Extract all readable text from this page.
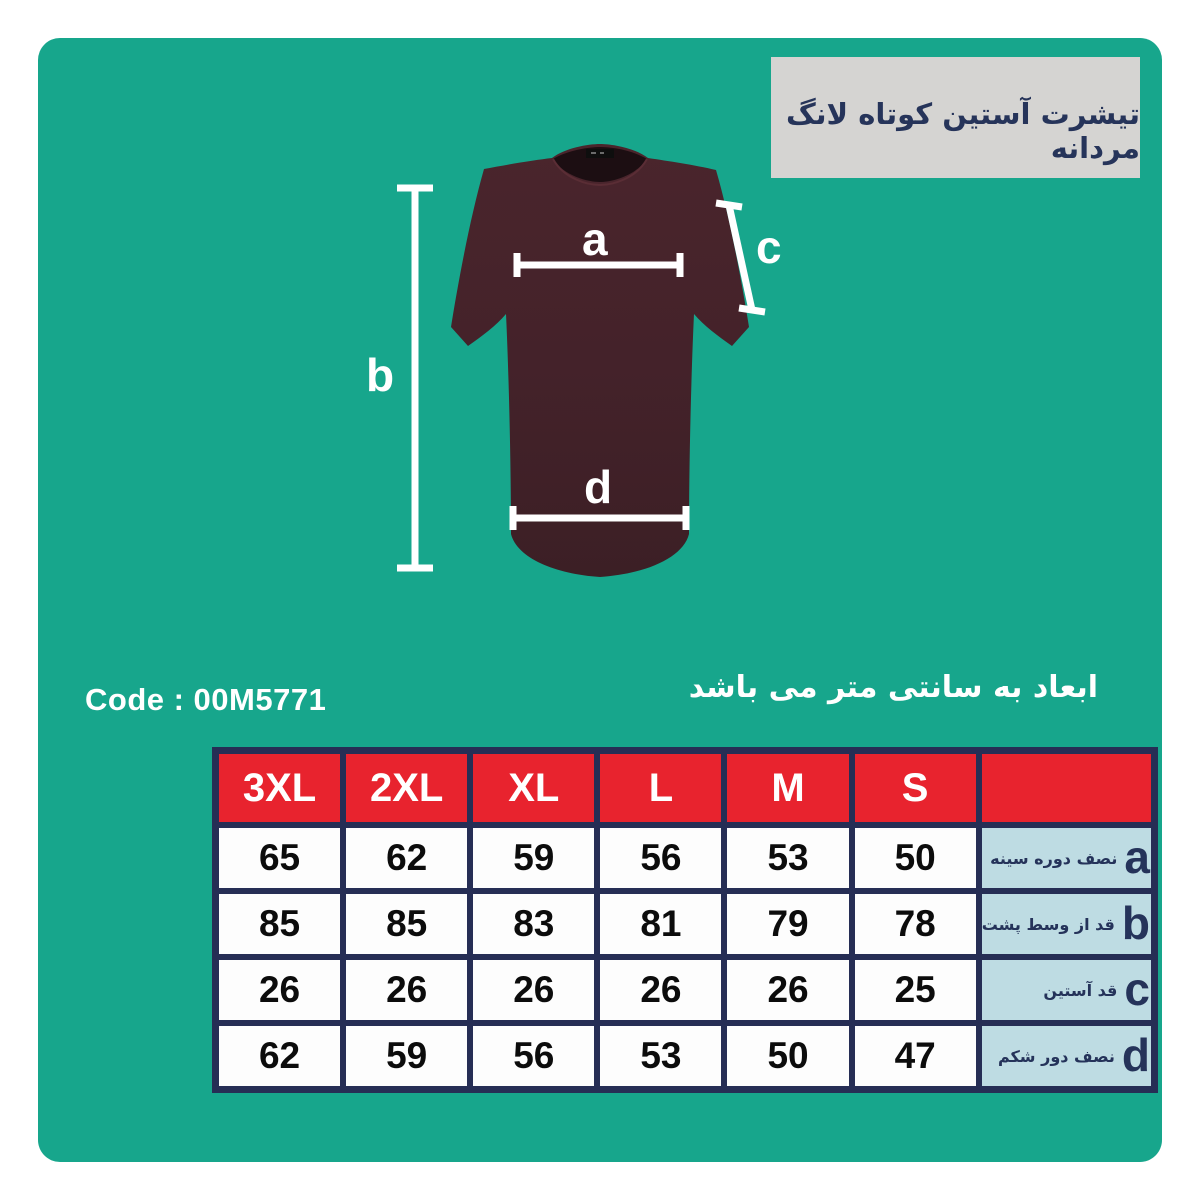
تیشرت آستین کوتاه لانگ مردانه
a
b
c
d
Code : 00M5771	ابعاد به سانتی متر می باشد
3XL	2XL	XL	L	M	S
65	62	59	56	53	50	نصف دوره سینه a
85	85	83	81	79	78	قد از وسط پشت b
26	26	26	26	26	25	قد آستین c
62	59	56	53	50	47	نصف دور شکم d
